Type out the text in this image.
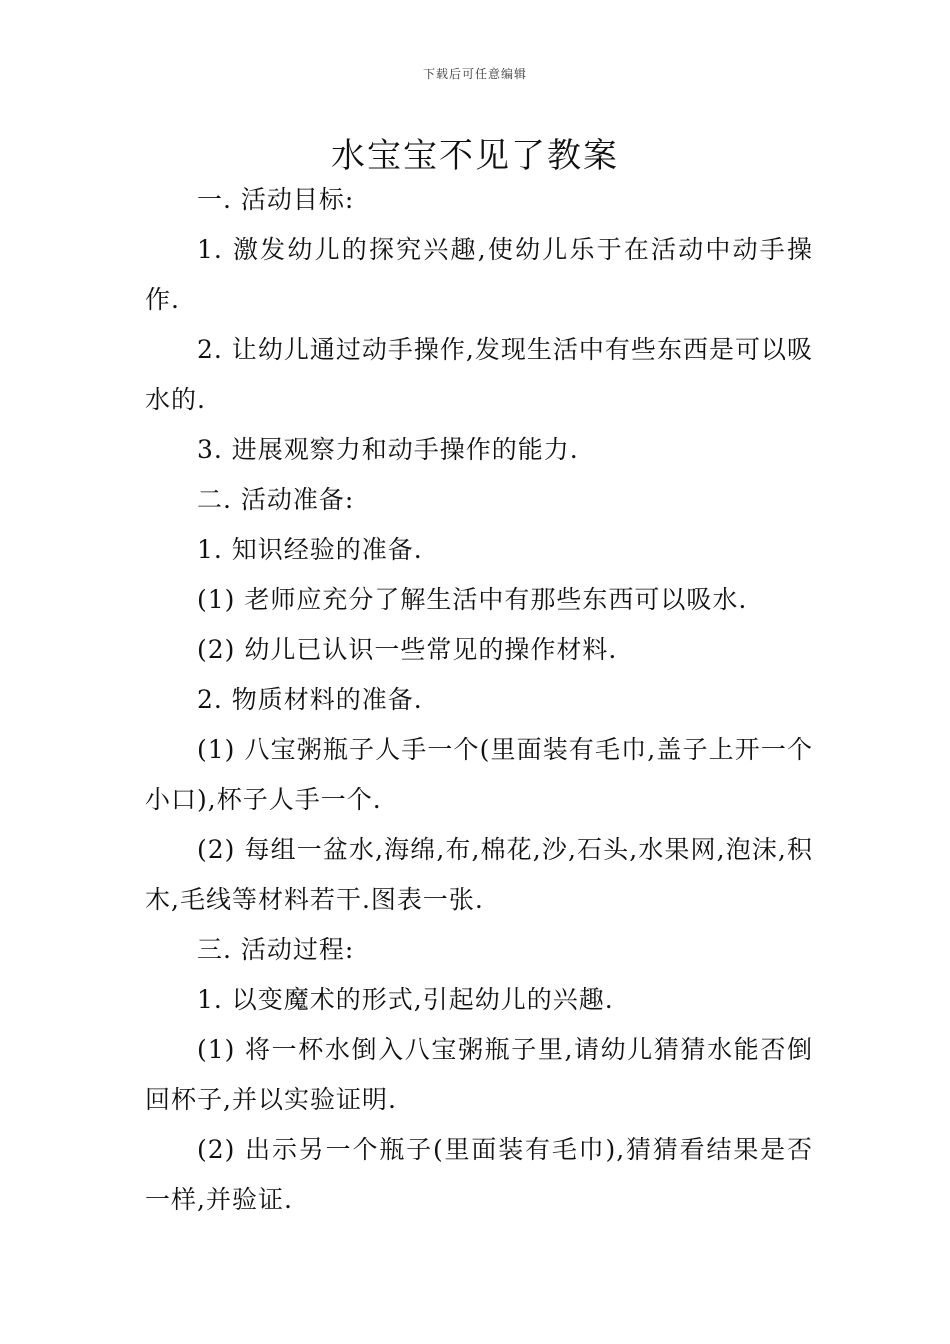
下载后可任意编辑
水宝宝不见了教案

一. 活动目标:

1. 激发幼儿的探究兴趣,使幼儿乐于在活动中动手操作.

2. 让幼儿通过动手操作,发现生活中有些东西是可以吸水的.

3. 进展观察力和动手操作的能力.

二. 活动准备:

1. 知识经验的准备.

(1) 老师应充分了解生活中有那些东西可以吸水.

(2) 幼儿已认识一些常见的操作材料.

2. 物质材料的准备.

(1) 八宝粥瓶子人手一个(里面装有毛巾,盖子上开一个小口),杯子人手一个.

(2) 每组一盆水,海绵,布,棉花,沙,石头,水果网,泡沫,积木,毛线等材料若干.图表一张.

三. 活动过程:

1. 以变魔术的形式,引起幼儿的兴趣.

(1) 将一杯水倒入八宝粥瓶子里,请幼儿猜猜水能否倒回杯子,并以实验证明.

(2) 出示另一个瓶子(里面装有毛巾),猜猜看结果是否一样,并验证.
